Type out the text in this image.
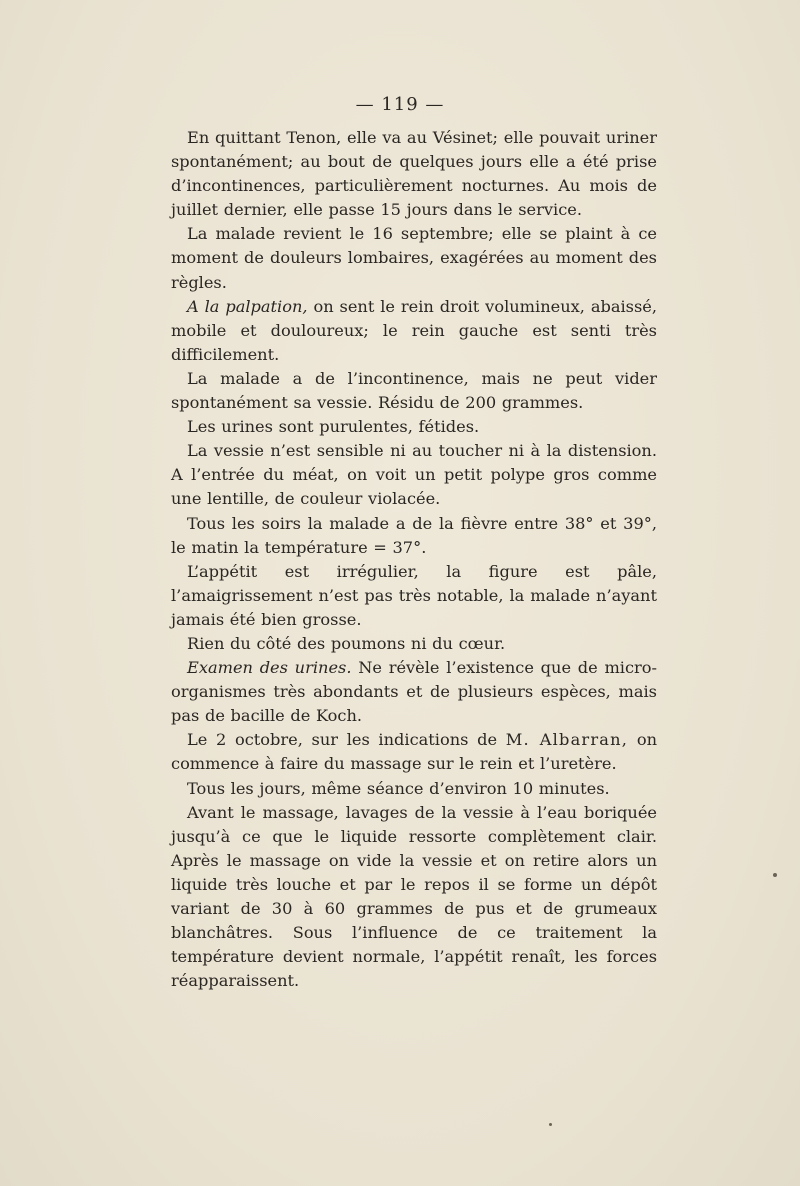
— 119 —

En quittant Tenon, elle va au Vésinet; elle pouvait uriner spontanément; au bout de quelques jours elle a été prise d’incontinences, particulièrement nocturnes. Au mois de juillet dernier, elle passe 15 jours dans le service.

La malade revient le 16 septembre; elle se plaint à ce moment de douleurs lombaires, exagérées au moment des règles.

A la palpation, on sent le rein droit volumineux, abaissé, mobile et douloureux; le rein gauche est senti très difficilement.

La malade a de l’incontinence, mais ne peut vider spontanément sa vessie. Résidu de 200 grammes.

Les urines sont purulentes, fétides.

La vessie n’est sensible ni au toucher ni à la distension. A l’entrée du méat, on voit un petit polype gros comme une lentille, de couleur violacée.

Tous les soirs la malade a de la fièvre entre 38° et 39°, le matin la température = 37°.

L’appétit est irrégulier, la figure est pâle, l’amaigrissement n’est pas très notable, la malade n’ayant jamais été bien grosse.

Rien du côté des poumons ni du cœur.

Examen des urines. Ne révèle l’existence que de micro-organismes très abondants et de plusieurs espèces, mais pas de bacille de Koch.

Le 2 octobre, sur les indications de M. Albarran, on commence à faire du massage sur le rein et l’uretère.

Tous les jours, même séance d’environ 10 minutes.

Avant le massage, lavages de la vessie à l’eau boriquée jusqu’à ce que le liquide ressorte complètement clair. Après le massage on vide la vessie et on retire alors un liquide très louche et par le repos il se forme un dépôt variant de 30 à 60 grammes de pus et de grumeaux blanchâtres. Sous l’influence de ce traitement la température devient normale, l’appétit renaît, les forces réapparaissent.
